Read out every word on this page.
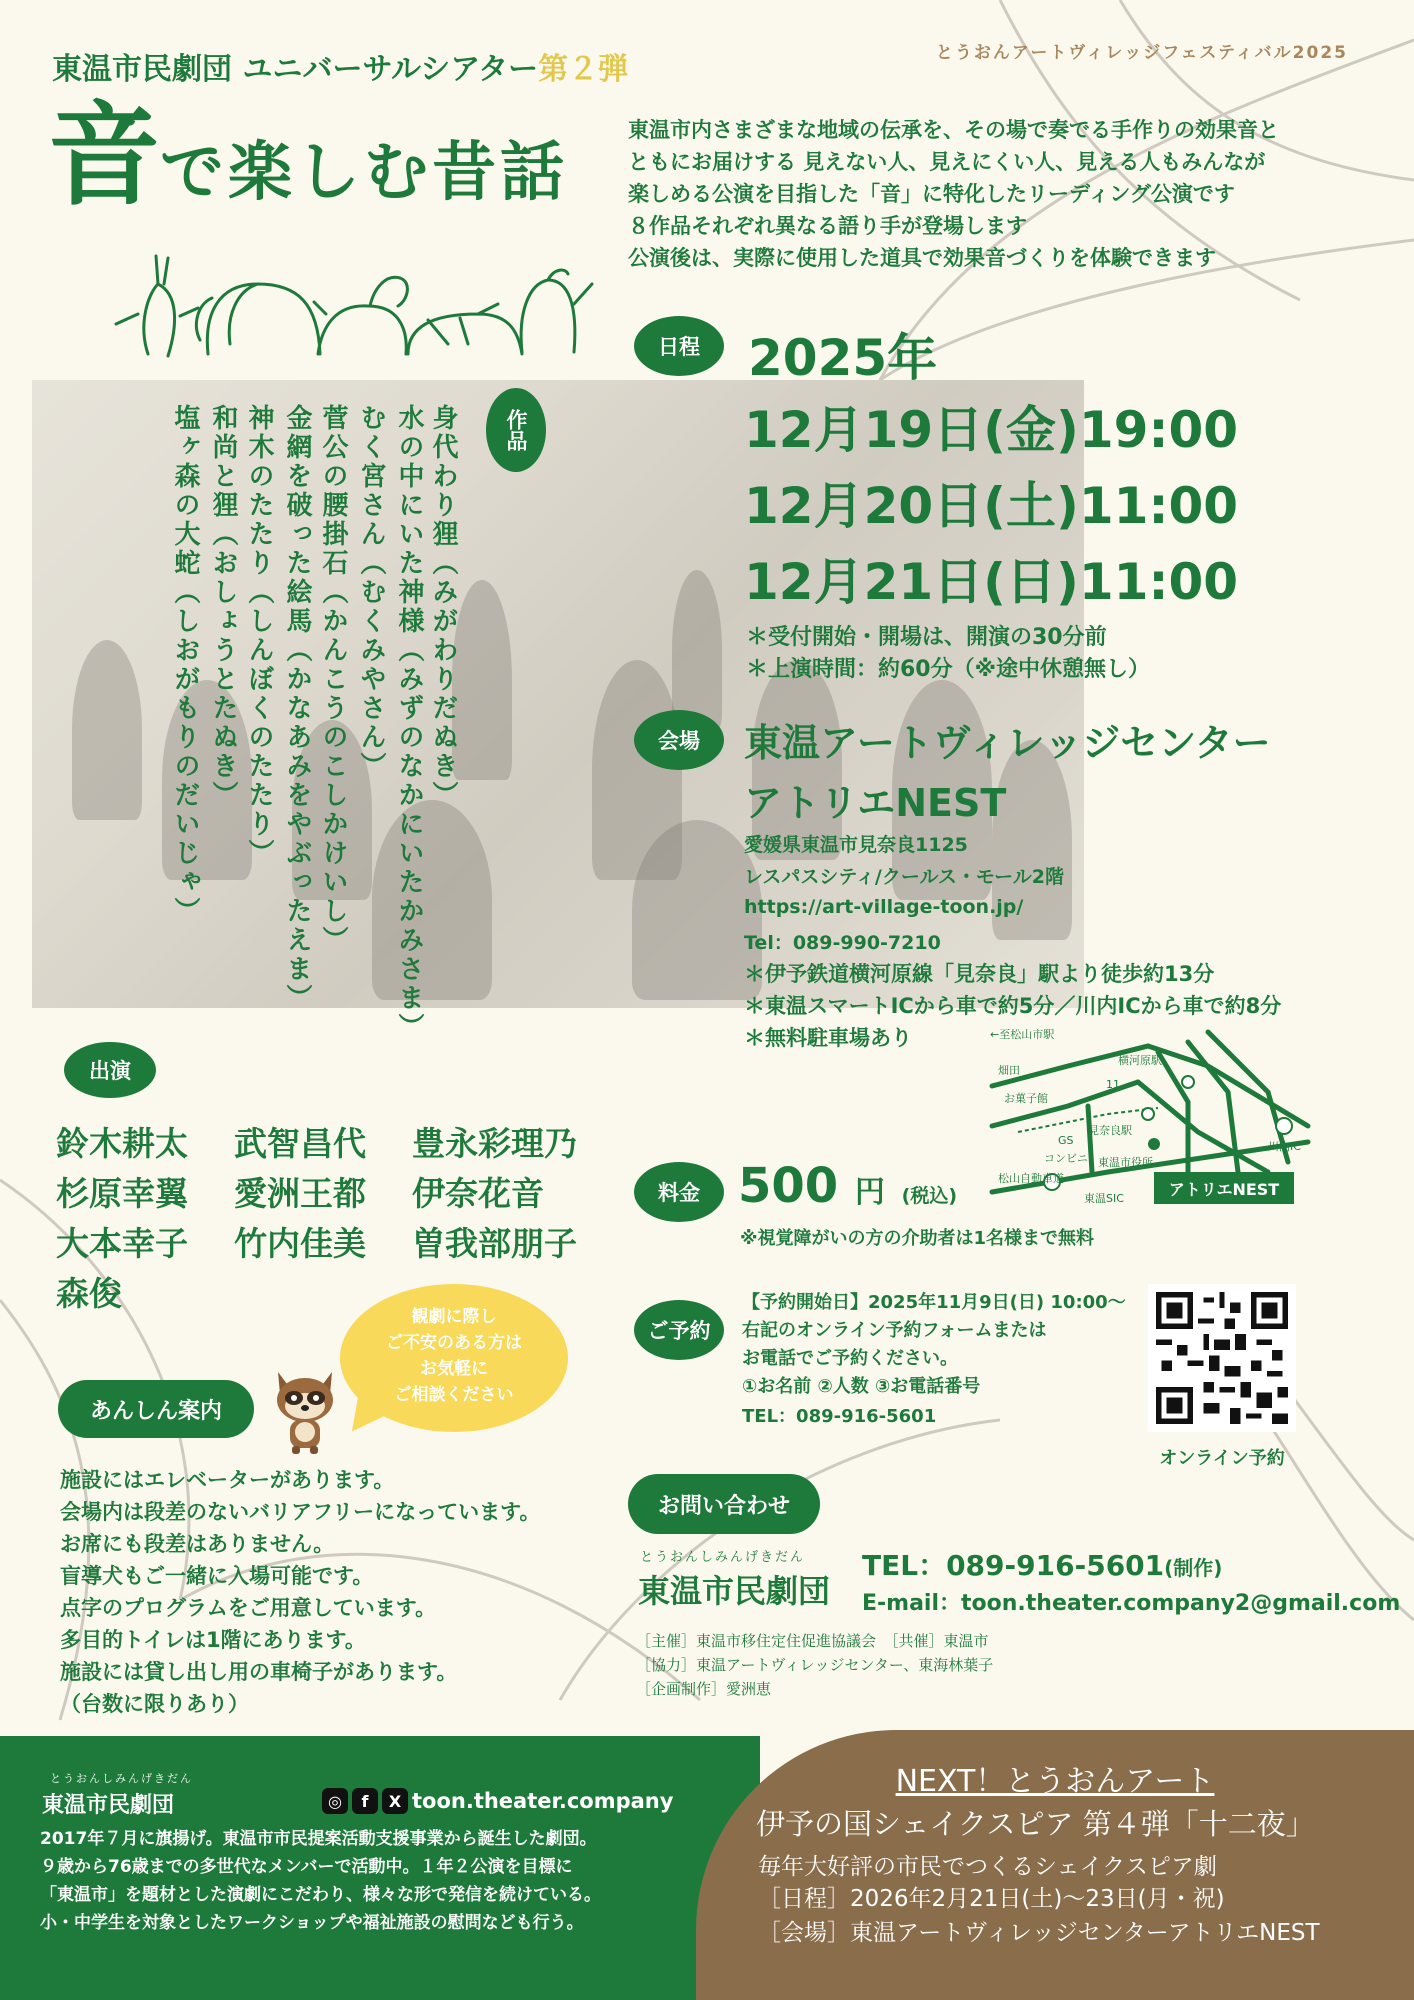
とうおんアートヴィレッジフェスティバル2025
東温市民劇団 ユニバーサルシアター第２弾
音で楽しむ昔話
東温市内さまざまな地域の伝承を、その場で奏でる手作りの効果音と
ともにお届けする 見えない人、見えにくい人、見える人もみんなが
楽しめる公演を目指した「音」に特化したリーディング公演です
８作品それぞれ異なる語り手が登場します
公演後は、実際に使用した道具で効果音づくりを体験できます
作品
身代わり狸（みがわりだぬき）
水の中にいた神様（みずのなかにいたかみさま）
むく宮さん（むくみやさん）
菅公の腰掛石（かんこうのこしかけいし）
金網を破った絵馬（かなあみをやぶったえま）
神木のたたり（しんぼくのたたり）
和尚と狸（おしょうとたぬき）
塩ヶ森の大蛇（しおがもりのだいじゃ）
日程 2025年
12月19日(金)19:00
12月20日(土)11:00
12月21日(日)11:00
＊受付開始・開場は、開演の30分前
＊上演時間：約60分（※途中休憩無し）
会場	東温アートヴィレッジセンター
アトリエNEST
愛媛県東温市見奈良1125
レスパスシティ/クールス・モール2階
https://art-village-toon.jp/
Tel：089-990-7210
＊伊予鉄道横河原線「見奈良」駅より徒歩約13分
＊東温スマートICから車で約5分／川内ICから車で約8分
＊無料駐車場あり	←至松山市駅
横河原駅
11
畑田
お菓子館
見奈良駅
GS
コンビニ 東温市役所
松山自動車道
東温SIC
川内IC
アトリエNEST
料金 500 円 (税込)
※視覚障がいの方の介助者は1名様まで無料
ご予約
【予約開始日】2025年11月9日(日) 10:00〜
右記のオンライン予約フォームまたは
お電話でご予約ください。
①お名前 ②人数 ③お電話番号
TEL：089-916-5601
オンライン予約
お問い合わせ
とうおんしみんげきだん
東温市民劇団
TEL：089-916-5601(制作)
E-mail：toon.theater.company2@gmail.com
［主催］東温市移住定住促進協議会　［共催］東温市
［協力］東温アートヴィレッジセンター、東海林葉子
［企画制作］愛洲恵
出演
鈴木耕太 武智昌代 豊永彩理乃
杉原幸翼 愛洲王都 伊奈花音
大本幸子 竹内佳美 曽我部朋子
森俊
観劇に際し
ご不安のある方は
お気軽に
ご相談ください
あんしん案内
施設にはエレベーターがあります。
会場内は段差のないバリアフリーになっています。
お席にも段差はありません。
盲導犬もご一緒に入場可能です。
点字のプログラムをご用意しています。
多目的トイレは1階にあります。
施設には貸し出し用の車椅子があります。
（台数に限りあり）
とうおんしみんげきだん
東温市民劇団	◎	f	X toon.theater.company
2017年７月に旗揚げ。東温市市民提案活動支援事業から誕生した劇団。
９歳から76歳までの多世代なメンバーで活動中。１年２公演を目標に
「東温市」を題材とした演劇にこだわり、様々な形で発信を続けている。
小・中学生を対象としたワークショップや福祉施設の慰問なども行う。
NEXT！とうおんアート
伊予の国シェイクスピア 第４弾「十二夜」
毎年大好評の市民でつくるシェイクスピア劇
［日程］2026年2月21日(土)〜23日(月・祝)
［会場］東温アートヴィレッジセンターアトリエNEST
